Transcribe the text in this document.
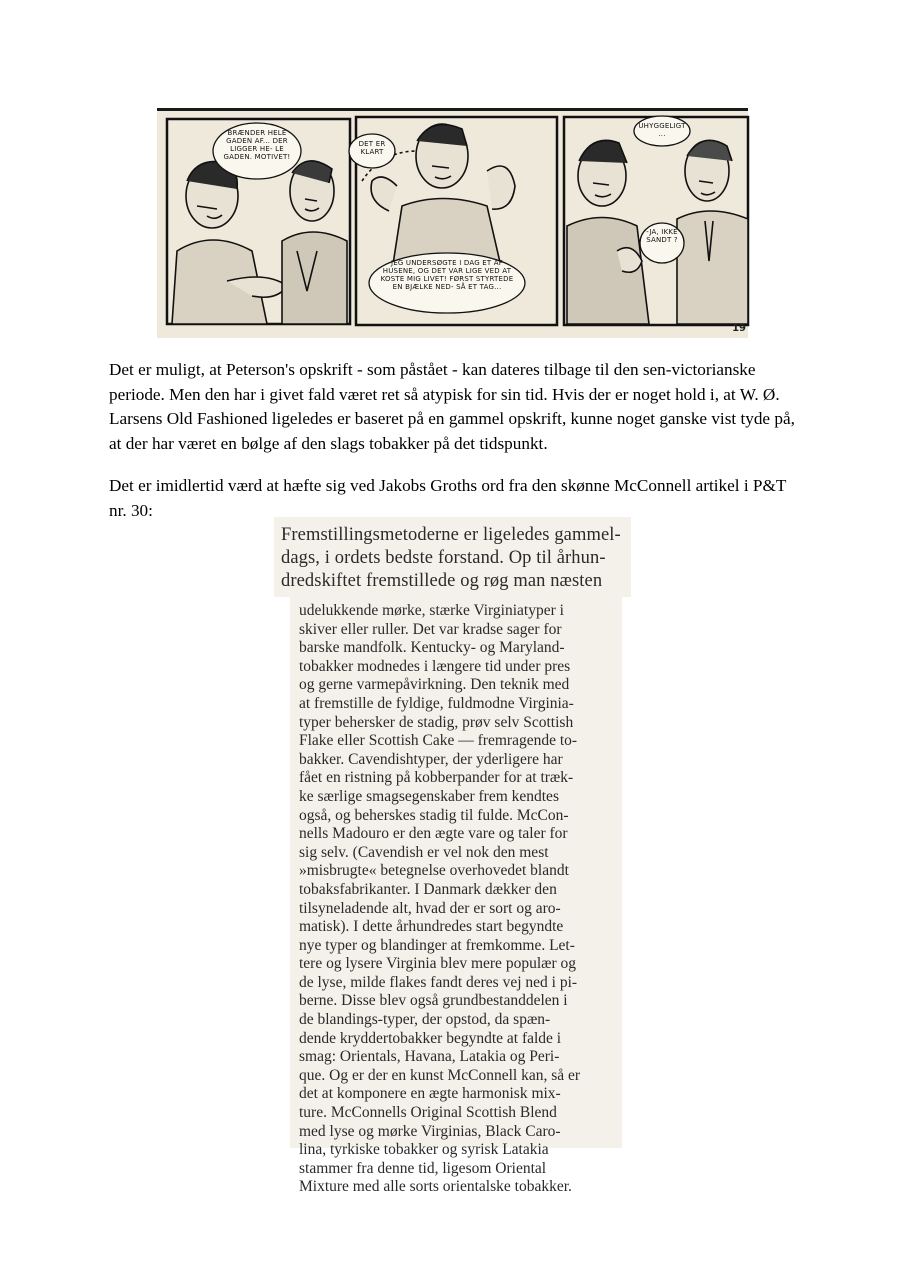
BRÆNDER HELE GADEN AF... DER LIGGER HE- LE GADEN. MOTIVET!
DET ER KLART
JEG UNDERSØGTE I DAG ET AF HUSENE, OG DET VAR LIGE VED AT KOSTE MIG LIVET! FØRST STYRTEDE EN BJÆLKE NED- SÅ ET TAG...
UHYGGELIGT ...
-JA, IKKE SANDT ?
19

Det er muligt, at Peterson's opskrift - som påstået - kan dateres tilbage til den sen-victorianske periode. Men den har i givet fald været ret så atypisk for sin tid. Hvis der er noget hold i, at W. Ø. Larsens Old Fashioned ligeledes er baseret på en gammel opskrift, kunne noget ganske vist tyde på, at der har været en bølge af den slags tobakker på det tidspunkt.

Det er imidlertid værd at hæfte sig ved Jakobs Groths ord fra den skønne McConnell artikel i P&T nr. 30:

Fremstillingsmetoderne er ligeledes gammel-
dags, i ordets bedste forstand. Op til århun-
dredskiftet fremstillede og røg man næsten
udelukkende mørke, stærke Virginiatyper i
skiver eller ruller. Det var kradse sager for
barske mandfolk. Kentucky- og Maryland-
tobakker modnedes i længere tid under pres
og gerne varmepåvirkning. Den teknik med
at fremstille de fyldige, fuldmodne Virginia-
typer behersker de stadig, prøv selv Scottish
Flake eller Scottish Cake — fremragende to-
bakker. Cavendishtyper, der yderligere har
fået en ristning på kobberpander for at træk-
ke særlige smagsegenskaber frem kendtes
også, og beherskes stadig til fulde. McCon-
nells Madouro er den ægte vare og taler for
sig selv. (Cavendish er vel nok den mest
»misbrugte« betegnelse overhovedet blandt
tobaksfabrikanter. I Danmark dækker den
tilsyneladende alt, hvad der er sort og aro-
matisk). I dette århundredes start begyndte
nye typer og blandinger at fremkomme. Let-
tere og lysere Virginia blev mere populær og
de lyse, milde flakes fandt deres vej ned i pi-
berne. Disse blev også grundbestanddelen i
de blandings-typer, der opstod, da spæn-
dende kryddertobakker begyndte at falde i
smag: Orientals, Havana, Latakia og Peri-
que. Og er der en kunst McConnell kan, så er
det at komponere en ægte harmonisk mix-
ture. McConnells Original Scottish Blend
med lyse og mørke Virginias, Black Caro-
lina, tyrkiske tobakker og syrisk Latakia
stammer fra denne tid, ligesom Oriental
Mixture med alle sorts orientalske tobakker.
